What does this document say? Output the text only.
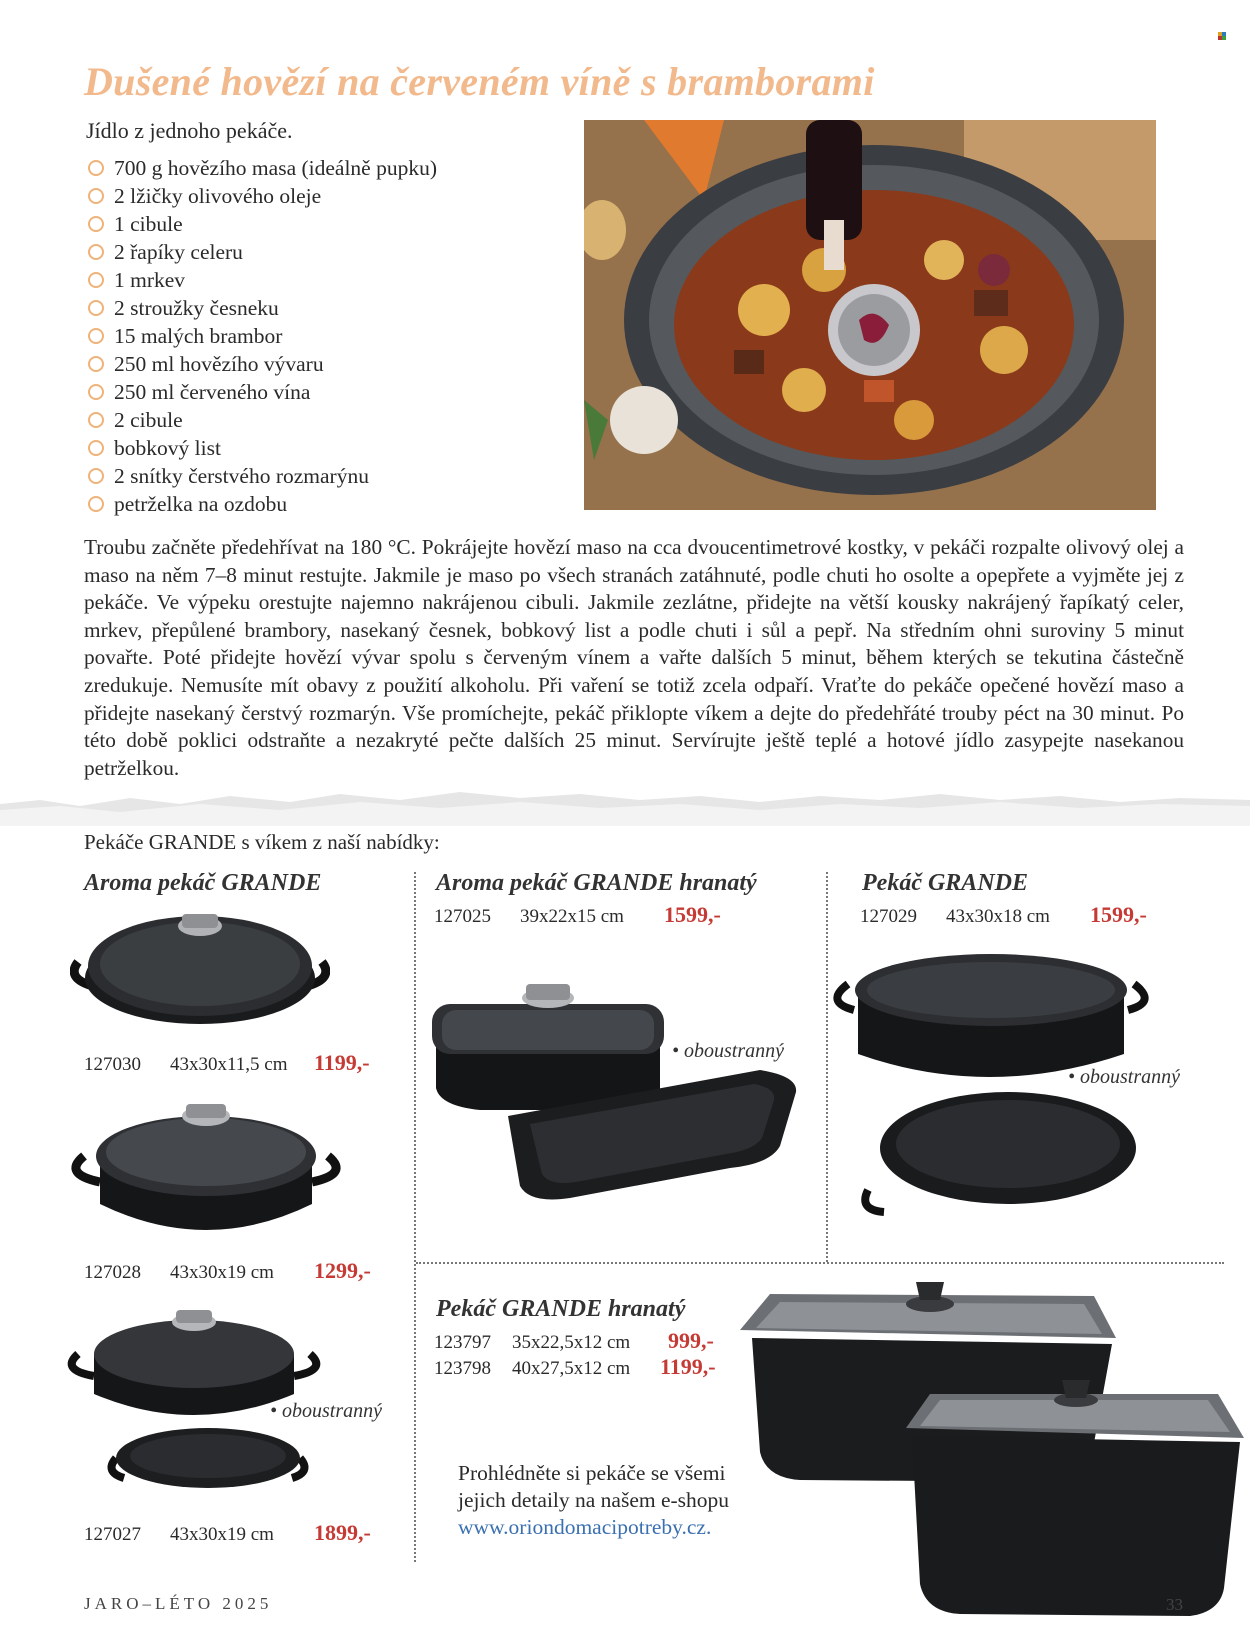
Dušené hovězí na červeném víně s bramborami
Jídlo z jednoho pekáče.
700 g hovězího masa (ideálně pupku)
2 lžičky olivového oleje
1 cibule
2 řapíky celeru
1 mrkev
2 stroužky česneku
15 malých brambor
250 ml hovězího vývaru
250 ml červeného vína
2 cibule
bobkový list
2 snítky čerstvého rozmarýnu
petrželka na ozdobu
Troubu začněte předehřívat na 180 °C. Pokrájejte hovězí maso na cca dvoucentimetrové kostky, v pekáči rozpalte olivový olej a maso na něm 7–8 minut restujte. Jakmile je maso po všech stranách zatáhnuté, podle chuti ho osolte a opepřete a vyjměte jej z pekáče. Ve výpeku orestujte najemno nakrájenou cibuli. Jakmile zezlátne, přidejte na větší kousky nakrájený řapíkatý celer, mrkev, přepůlené brambory, nasekaný česnek, bobkový list a podle chuti i sůl a pepř. Na středním ohni suroviny 5 minut povařte. Poté přidejte hovězí vývar spolu s červeným vínem a vařte dalších 5 minut, během kterých se tekutina částečně zredukuje. Nemusíte mít obavy z použití alkoholu. Při vaření se totiž zcela odpaří. Vraťte do pekáče opečené hovězí maso a přidejte nasekaný čerstvý rozmarýn. Vše promíchejte, pekáč přiklopte víkem a dejte do předehřáté trouby péct na 30 minut. Po této době poklici odstraňte a nezakryté pečte dalších 25 minut. Servírujte ještě teplé a hotové jídlo zasypejte nasekanou petrželkou.
Pekáče GRANDE s víkem z naší nabídky:
Aroma pekáč GRANDE
127030	43x30x11,5 cm	1199,-
127028	43x30x19 cm	1299,-
• oboustranný
127027	43x30x19 cm	1899,-
Aroma pekáč GRANDE hranatý
127025	39x22x15 cm	1599,-
• oboustranný
Pekáč GRANDE
127029	43x30x18 cm	1599,-
• oboustranný
Pekáč GRANDE hranatý
123797	35x22,5x12 cm	999,-
123798	40x27,5x12 cm	1199,-
Prohlédněte si pekáče se všemi
jejich detaily na našem e-shopu
www.oriondomacipotreby.cz.
JARO–LÉTO 2025	33
